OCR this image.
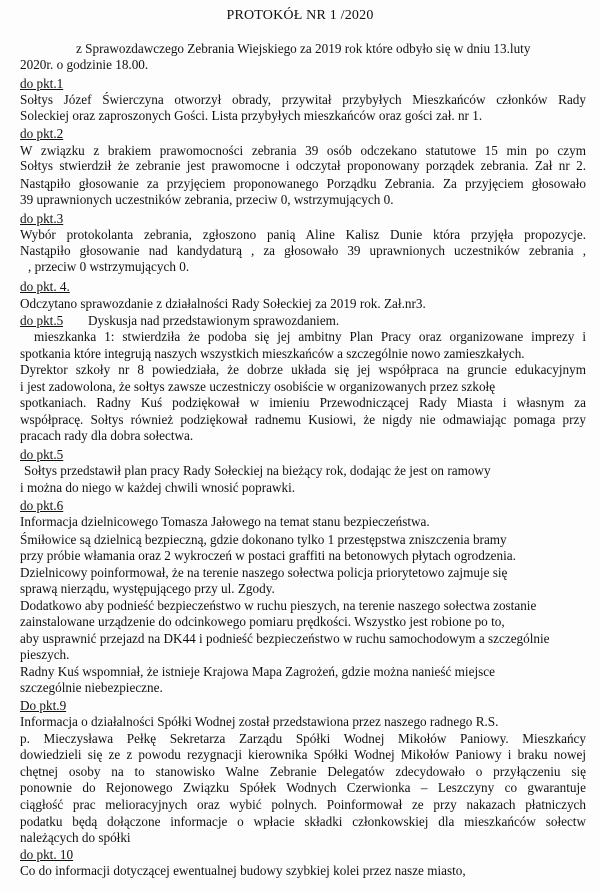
PROTOKÓŁ NR 1 /2020
z Sprawozdawczego Zebrania Wiejskiego za 2019 rok które odbyło się w dniu 13.luty
2020r. o godzinie 18.00.
do pkt.1
Sołtys Józef Świerczyna otworzył obrady, przywitał przybyłych Mieszkańców członków Rady
Soleckiej oraz zaproszonych Gości. Lista przybyłych mieszkańców oraz gości zał. nr 1.
do pkt.2
W związku z brakiem prawomocności zebrania 39 osób odczekano statutowe 15 min po czym
Sołtys stwierdził że zebranie jest prawomocne i odczytał proponowany porządek zebrania. Zał nr 2.
Nastąpiło głosowanie za przyjęciem proponowanego Porządku Zebrania. Za przyjęciem głosowało
39 uprawnionych uczestników zebrania, przeciw 0, wstrzymujących 0.
do pkt.3
Wybór protokolanta zebrania, zgłoszono panią Aline Kalisz Dunie która przyjęła propozycje.
Nastąpiło głosowanie nad kandydaturą , za głosowało 39 uprawnionych uczestników zebrania ,
, przeciw 0 wstrzymujących 0.
do pkt. 4.
Odczytano sprawozdanie z działalności Rady Sołeckiej za 2019 rok. Zał.nr3.
do pkt.5 Dyskusja nad przedstawionym sprawozdaniem.
mieszkanka 1: stwierdziła że podoba się jej ambitny Plan Pracy oraz organizowane imprezy i
spotkania które integrują naszych wszystkich mieszkańców a szczególnie nowo zamieszkałych.
Dyrektor szkoły nr 8 powiedziała, że dobrze układa się jej współpraca na gruncie edukacyjnym
i jest zadowolona, że sołtys zawsze uczestniczy osobiście w organizowanych przez szkołę
spotkaniach. Radny Kuś podziękował w imieniu Przewodniczącej Rady Miasta i własnym za
współpracę. Sołtys również podziękował radnemu Kusiowi, że nigdy nie odmawiając pomaga przy
pracach rady dla dobra sołectwa.
do pkt.5
Sołtys przedstawił plan pracy Rady Sołeckiej na bieżący rok, dodając że jest on ramowy
i można do niego w każdej chwili wnosić poprawki.
do pkt.6
Informacja dzielnicowego Tomasza Jałowego na temat stanu bezpieczeństwa.
Śmiłowice są dzielnicą bezpieczną, gdzie dokonano tylko 1 przestępstwa zniszczenia bramy
przy próbie włamania oraz 2 wykroczeń w postaci graffiti na betonowych płytach ogrodzenia.
Dzielnicowy poinformował, że na terenie naszego sołectwa policja priorytetowo zajmuje się
sprawą nierządu, występującego przy ul. Zgody.
Dodatkowo aby podnieść bezpieczeństwo w ruchu pieszych, na terenie naszego sołectwa zostanie
zainstalowane urządzenie do odcinkowego pomiaru prędkości. Wszystko jest robione po to,
aby usprawnić przejazd na DK44 i podnieść bezpieczeństwo w ruchu samochodowym a szczególnie
pieszych.
Radny Kuś wspomniał, że istnieje Krajowa Mapa Zagrożeń, gdzie można nanieść miejsce
szczególnie niebezpieczne.
Do pkt.9
Informacja o działalności Spółki Wodnej został przedstawiona przez naszego radnego R.S.
p. Mieczysława Pełkę Sekretarza Zarządu Spółki Wodnej Mikołów Paniowy. Mieszkańcy
dowiedzieli się ze z powodu rezygnacji kierownika Spółki Wodnej Mikołów Paniowy i braku nowej
chętnej osoby na to stanowisko Walne Zebranie Delegatów zdecydowało o przyłączeniu się
ponownie do Rejonowego Związku Spółek Wodnych Czerwionka – Leszczyny co gwarantuje
ciągłość prac melioracyjnych oraz wybić polnych. Poinformował ze przy nakazach płatniczych
podatku będą dołączone informacje o wpłacie składki członkowskiej dla mieszkańców sołectw
należących do spółki
do pkt. 10
Co do informacji dotyczącej ewentualnej budowy szybkiej kolei przez nasze miasto,
